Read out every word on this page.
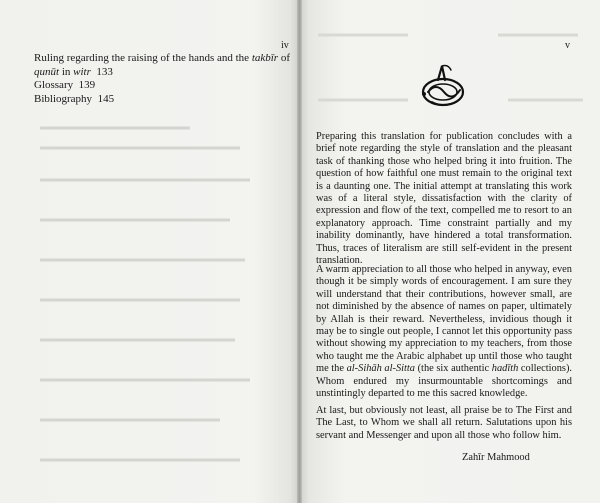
iv
Ruling regarding the raising of the hands and the takbīr of
qunūt in witr  133
Glossary 139
Bibliography 145
v
Preparing this translation for publication concludes with a brief note regarding the style of translation and the pleasant task of thanking those who helped bring it into fruition. The question of how faithful one must remain to the original text is a daunting one. The initial attempt at translating this work was of a literal style, dissatisfaction with the clarity of expression and flow of the text, compelled me to resort to an explanatory approach. Time constraint partially and my inability dominantly, have hindered a total transformation. Thus, traces of literalism are still self-evident in the present translation.
A warm appreciation to all those who helped in anyway, even though it be simply words of encouragement. I am sure they will understand that their contributions, however small, are not diminished by the absence of names on paper, ultimately by Allah is their reward. Nevertheless, invidious though it may be to single out people, I cannot let this opportunity pass without showing my appreciation to my teachers, from those who taught me the Arabic alphabet up until those who taught me the al-Sihāh al-Sitta (the six authentic hadīth collections). Whom endured my insurmountable shortcomings and unstintingly departed to me this sacred knowledge.
At last, but obviously not least, all praise be to The First and The Last, to Whom we shall all return. Salutations upon his servant and Messenger and upon all those who follow him.
Zahīr Mahmood
